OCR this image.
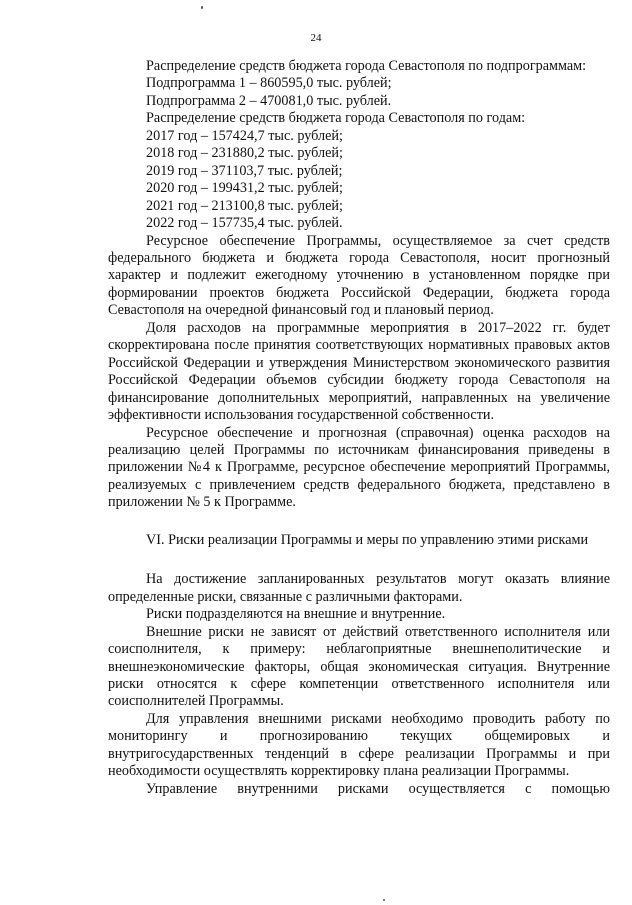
24

Распределение средств бюджета города Севастополя по подпрограммам:

Подпрограмма 1 – 860595,0 тыс. рублей;

Подпрограмма 2 – 470081,0 тыс. рублей.

Распределение средств бюджета города Севастополя по годам:

2017 год – 157424,7 тыс. рублей;

2018 год – 231880,2 тыс. рублей;

2019 год – 371103,7 тыс. рублей;

2020 год – 199431,2 тыс. рублей;

2021 год – 213100,8 тыс. рублей;

2022 год – 157735,4 тыс. рублей.

Ресурсное обеспечение Программы, осуществляемое за счет средств федерального бюджета и бюджета города Севастополя, носит прогнозный характер и подлежит ежегодному уточнению в установленном порядке при формировании проектов бюджета Российской Федерации, бюджета города Севастополя на очередной финансовый год и плановый период.

Доля расходов на программные мероприятия в 2017–2022 гг. будет скорректирована после принятия соответствующих нормативных правовых актов Российской Федерации и утверждения Министерством экономического развития Российской Федерации объемов субсидии бюджету города Севастополя на финансирование дополнительных мероприятий, направленных на увеличение эффективности использования государственной собственности.

Ресурсное обеспечение и прогнозная (справочная) оценка расходов на реализацию целей Программы по источникам финансирования приведены в приложении №4 к Программе, ресурсное обеспечение мероприятий Программы, реализуемых с привлечением средств федерального бюджета, представлено в приложении № 5 к Программе.

VI. Риски реализации Программы и меры по управлению этими рисками

На достижение запланированных результатов могут оказать влияние определенные риски, связанные с различными факторами.

Риски подразделяются на внешние и внутренние.

Внешние риски не зависят от действий ответственного исполнителя или соисполнителя, к примеру: неблагоприятные внешнеполитические и внешнеэкономические факторы, общая экономическая ситуация. Внутренние риски относятся к сфере компетенции ответственного исполнителя или соисполнителей Программы.

Для управления внешними рисками необходимо проводить работу по мониторингу и прогнозированию текущих общемировых и внутригосударственных тенденций в сфере реализации Программы и при необходимости осуществлять корректировку плана реализации Программы.

Управление внутренними рисками осуществляется с помощью
